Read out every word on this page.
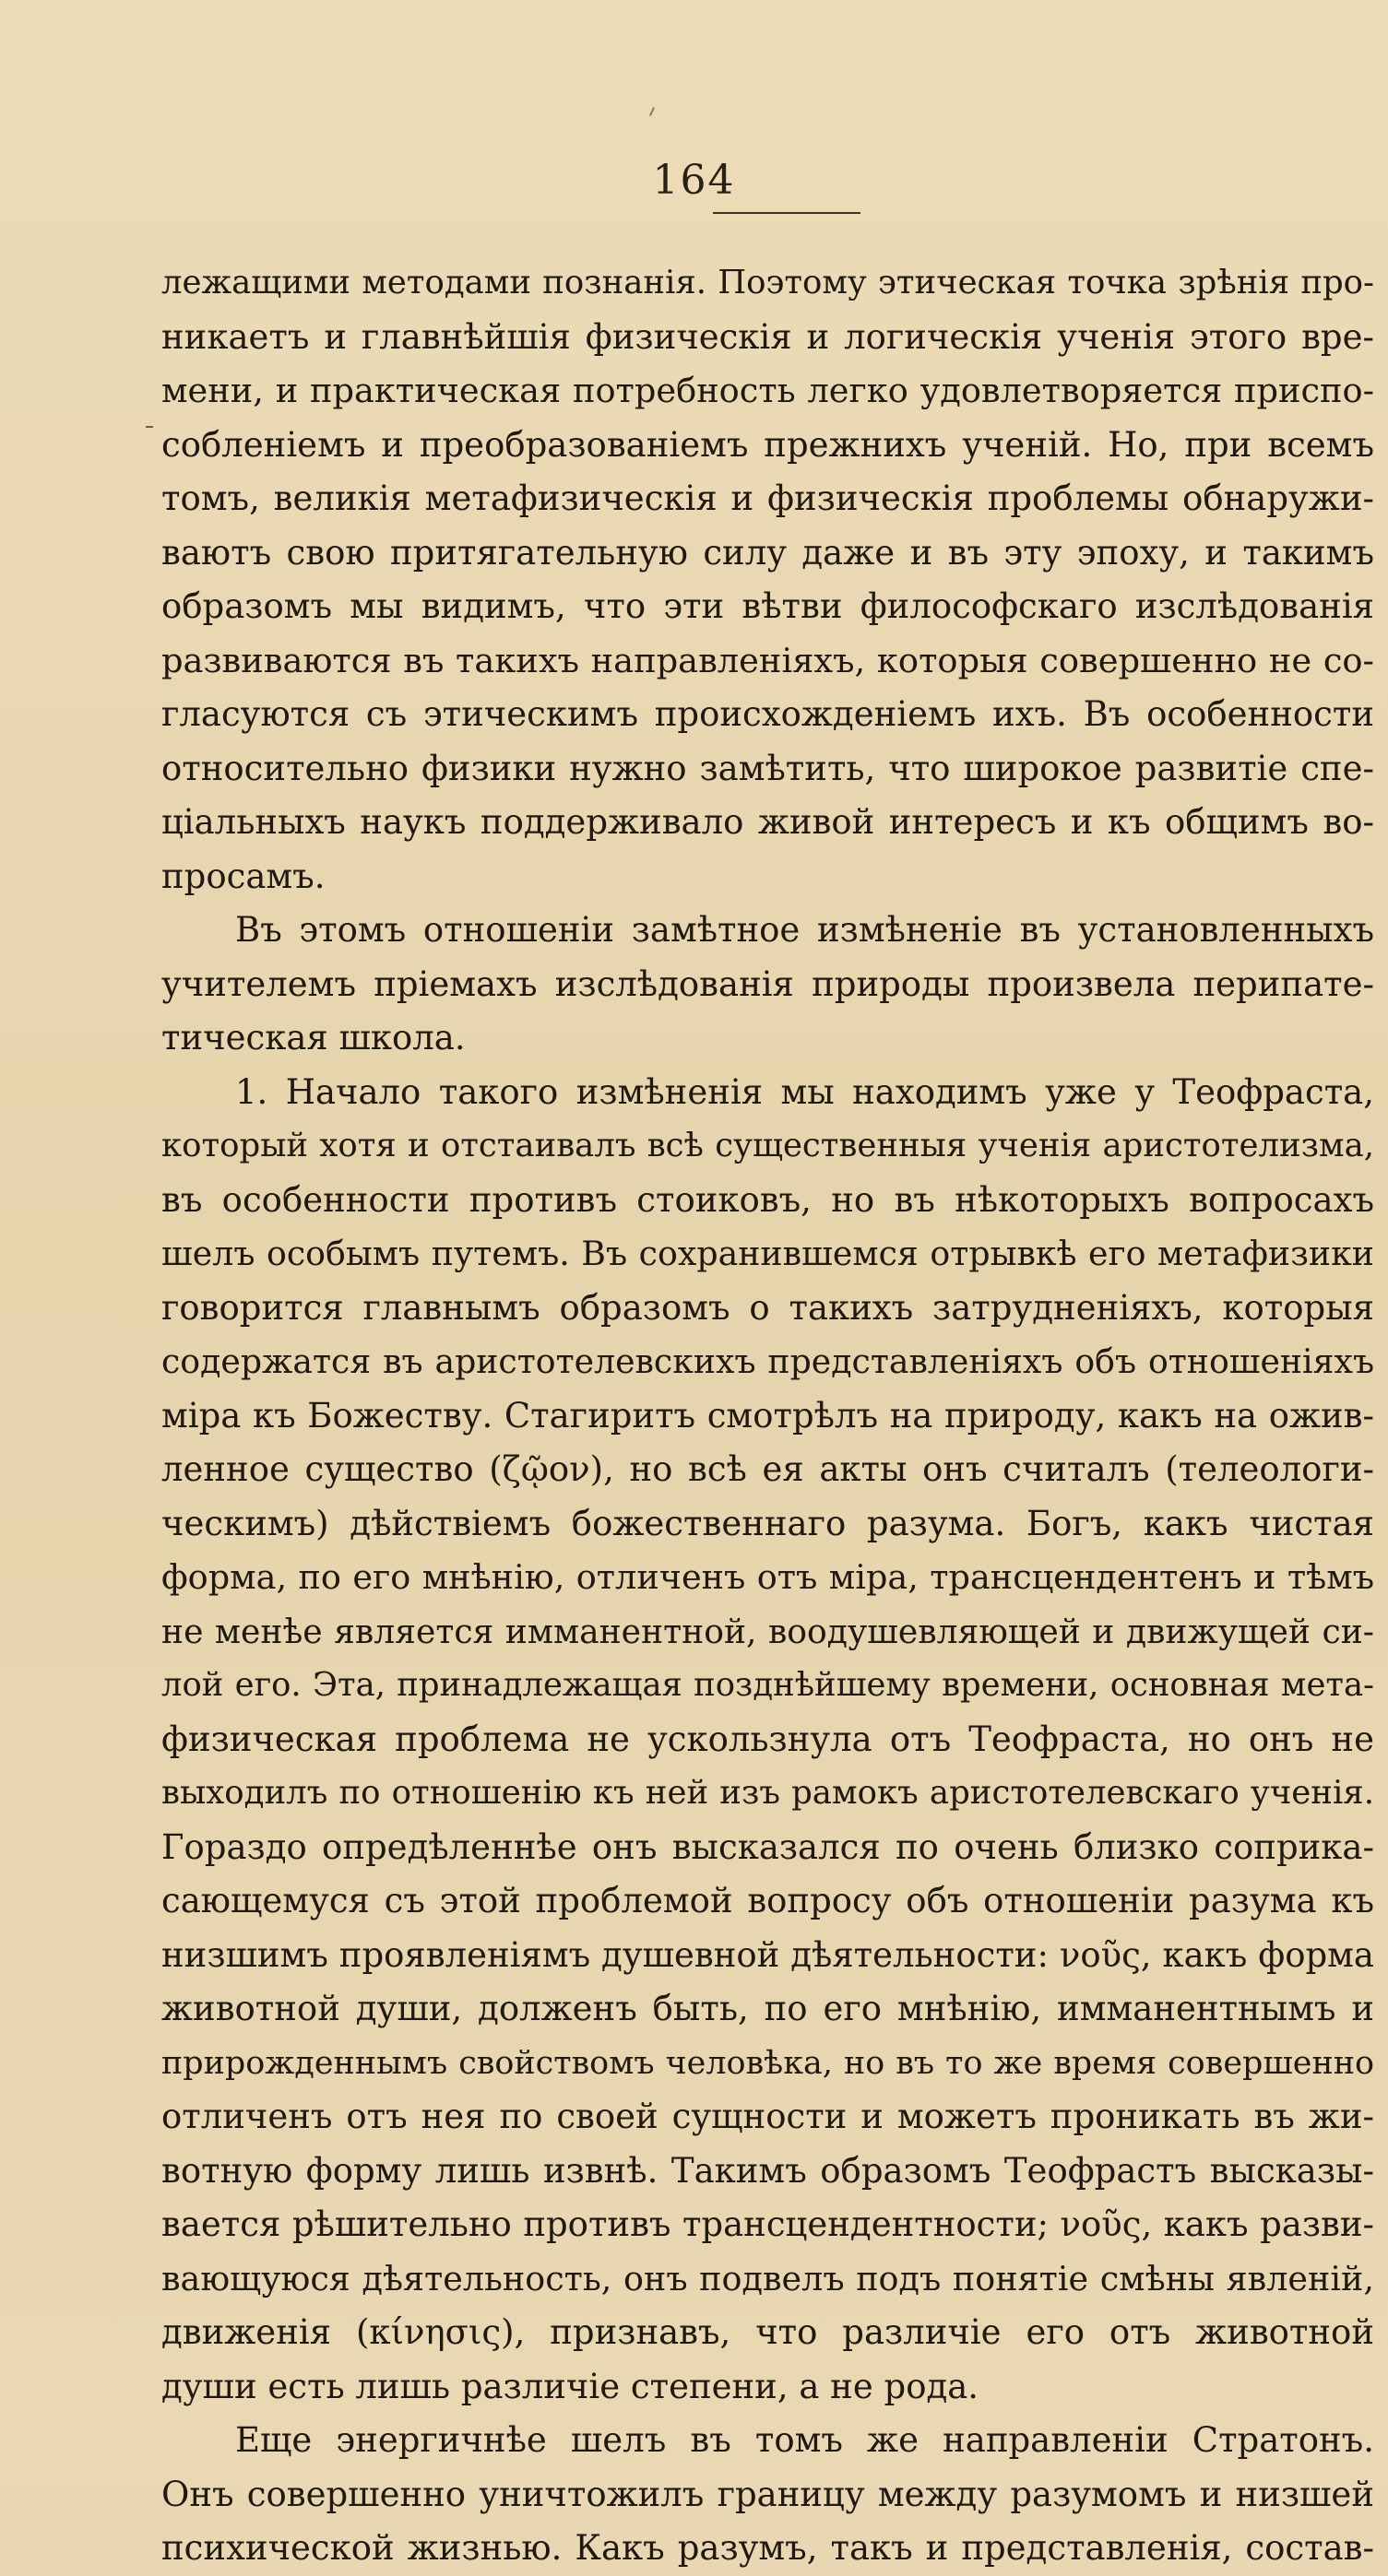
164
лежащими методами познанія. Поэтому этическая точка зрѣнія про-
никаетъ и главнѣйшія физическія и логическія ученія этого вре-
мени, и практическая потребность легко удовлетворяется приспо-
собленіемъ и преобразованіемъ прежнихъ ученій. Но, при всемъ
томъ, великія метафизическія и физическія проблемы обнаружи-
ваютъ свою притягательную силу даже и въ эту эпоху, и такимъ
образомъ мы видимъ, что эти вѣтви философскаго изслѣдованія
развиваются въ такихъ направленіяхъ, которыя совершенно не со-
гласуются съ этическимъ происхожденіемъ ихъ. Въ особенности
относительно физики нужно замѣтить, что широкое развитіе спе-
ціальныхъ наукъ поддерживало живой интересъ и къ общимъ во-
просамъ.
Въ этомъ отношеніи замѣтное измѣненіе въ установленныхъ
учителемъ пріемахъ изслѣдованія природы произвела перипате-
тическая школа.
1. Начало такого измѣненія мы находимъ уже у Теофраста,
который хотя и отстаивалъ всѣ существенныя ученія аристотелизма,
въ особенности противъ стоиковъ, но въ нѣкоторыхъ вопросахъ
шелъ особымъ путемъ. Въ сохранившемся отрывкѣ его метафизики
говорится главнымъ образомъ о такихъ затрудненіяхъ, которыя
содержатся въ аристотелевскихъ представленіяхъ объ отношеніяхъ
міра къ Божеству. Стагиритъ смотрѣлъ на природу, какъ на ожив-
ленное существо (ζῷον), но всѣ ея акты онъ считалъ (телеологи-
ческимъ) дѣйствіемъ божественнаго разума. Богъ, какъ чистая
форма, по его мнѣнію, отличенъ отъ міра, трансцендентенъ и тѣмъ
не менѣе является имманентной, воодушевляющей и движущей си-
лой его. Эта, принадлежащая позднѣйшему времени, основная мета-
физическая проблема не ускользнула отъ Теофраста, но онъ не
выходилъ по отношенію къ ней изъ рамокъ аристотелевскаго ученія.
Гораздо опредѣленнѣе онъ высказался по очень близко соприка-
сающемуся съ этой проблемой вопросу объ отношеніи разума къ
низшимъ проявленіямъ душевной дѣятельности: νοῦς, какъ форма
животной души, долженъ быть, по его мнѣнію, имманентнымъ и
прирожденнымъ свойствомъ человѣка, но въ то же время совершенно
отличенъ отъ нея по своей сущности и можетъ проникать въ жи-
вотную форму лишь извнѣ. Такимъ образомъ Теофрастъ высказы-
вается рѣшительно противъ трансцендентности; νοῦς, какъ разви-
вающуюся дѣятельность, онъ подвелъ подъ понятіе смѣны явленій,
движенія (κίνησις), признавъ, что различіе его отъ животной
души есть лишь различіе степени, а не рода.
Еще энергичнѣе шелъ въ томъ же направленіи Стратонъ.
Онъ совершенно уничтожилъ границу между разумомъ и низшей
психической жизнью. Какъ разумъ, такъ и представленія, состав-
